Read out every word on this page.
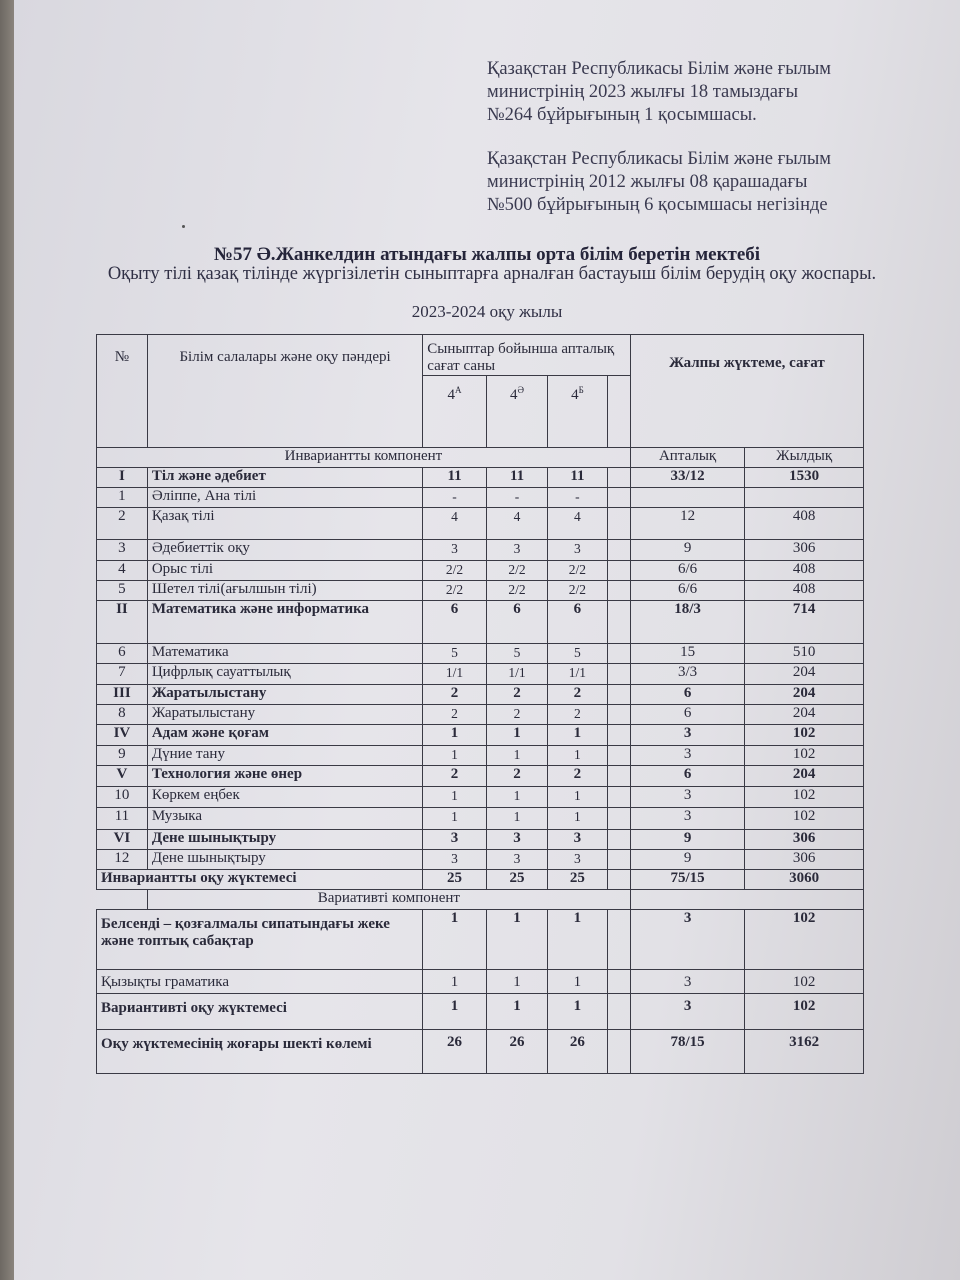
Қазақстан Республикасы Білім және ғылым
министрінің 2023 жылғы 18 тамыздағы
№264 бұйрығының 1 қосымшасы.
Қазақстан Республикасы Білім және ғылым
министрінің 2012 жылғы 08 қарашадағы
№500 бұйрығының 6 қосымшасы негізінде
№57 Ә.Жанкелдин атындағы жалпы орта білім беретін мектебі
Оқыту тілі қазақ тілінде жүргізілетін сыныптарға арналған бастауыш білім берудің оқу жоспары.
2023-2024 оқу жылы
№	Білім салалары және оқу пәндері	Сыныптар бойынша апталық сағат саны				Жалпы жүктеме, сағат	
		$4^А$	$4^Ә$	$4^Б$	
Инвариантты компонент						Апталық	Жылдық
I	Тіл және әдебиет	11	11	11		33/12	1530
1	Әліппе, Ана тілі	-	-	-			
2	Қазақ тілі	4	4	4		12	408
3	Әдебиеттік оқу	3	3	3		9	306
4	Орыс тілі	2/2	2/2	2/2		6/6	408
5	Шетел тілі(ағылшын тілі)	2/2	2/2	2/2		6/6	408
II	Математика және информатика	6	6	6		18/3	714
6	Математика	5	5	5		15	510
7	Цифрлық сауаттылық	1/1	1/1	1/1		3/3	204
III	Жаратылыстану	2	2	2		6	204
8	Жаратылыстану	2	2	2		6	204
IV	Адам және қоғам	1	1	1		3	102
9	Дүние тану	1	1	1		3	102
V	Технология және өнер	2	2	2		6	204
10	Көркем еңбек	1	1	1		3	102
11	Музыка	1	1	1		3	102
VI	Дене шынықтыру	3	3	3		9	306
12	Дене шынықтыру	3	3	3		9	306
Инвариантты оқу жүктемесі		25	25	25		75/15	3060
	Вариативті компонент						
Белсенді – қозғалмалы сипатындағы жеке және топтық сабақтар		1	1	1		3	102
Қызықты граматика		1	1	1		3	102
Вариантивті оқу жүктемесі		1	1	1		3	102
Оқу жүктемесінің жоғары шекті көлемі		26	26	26		78/15	3162
